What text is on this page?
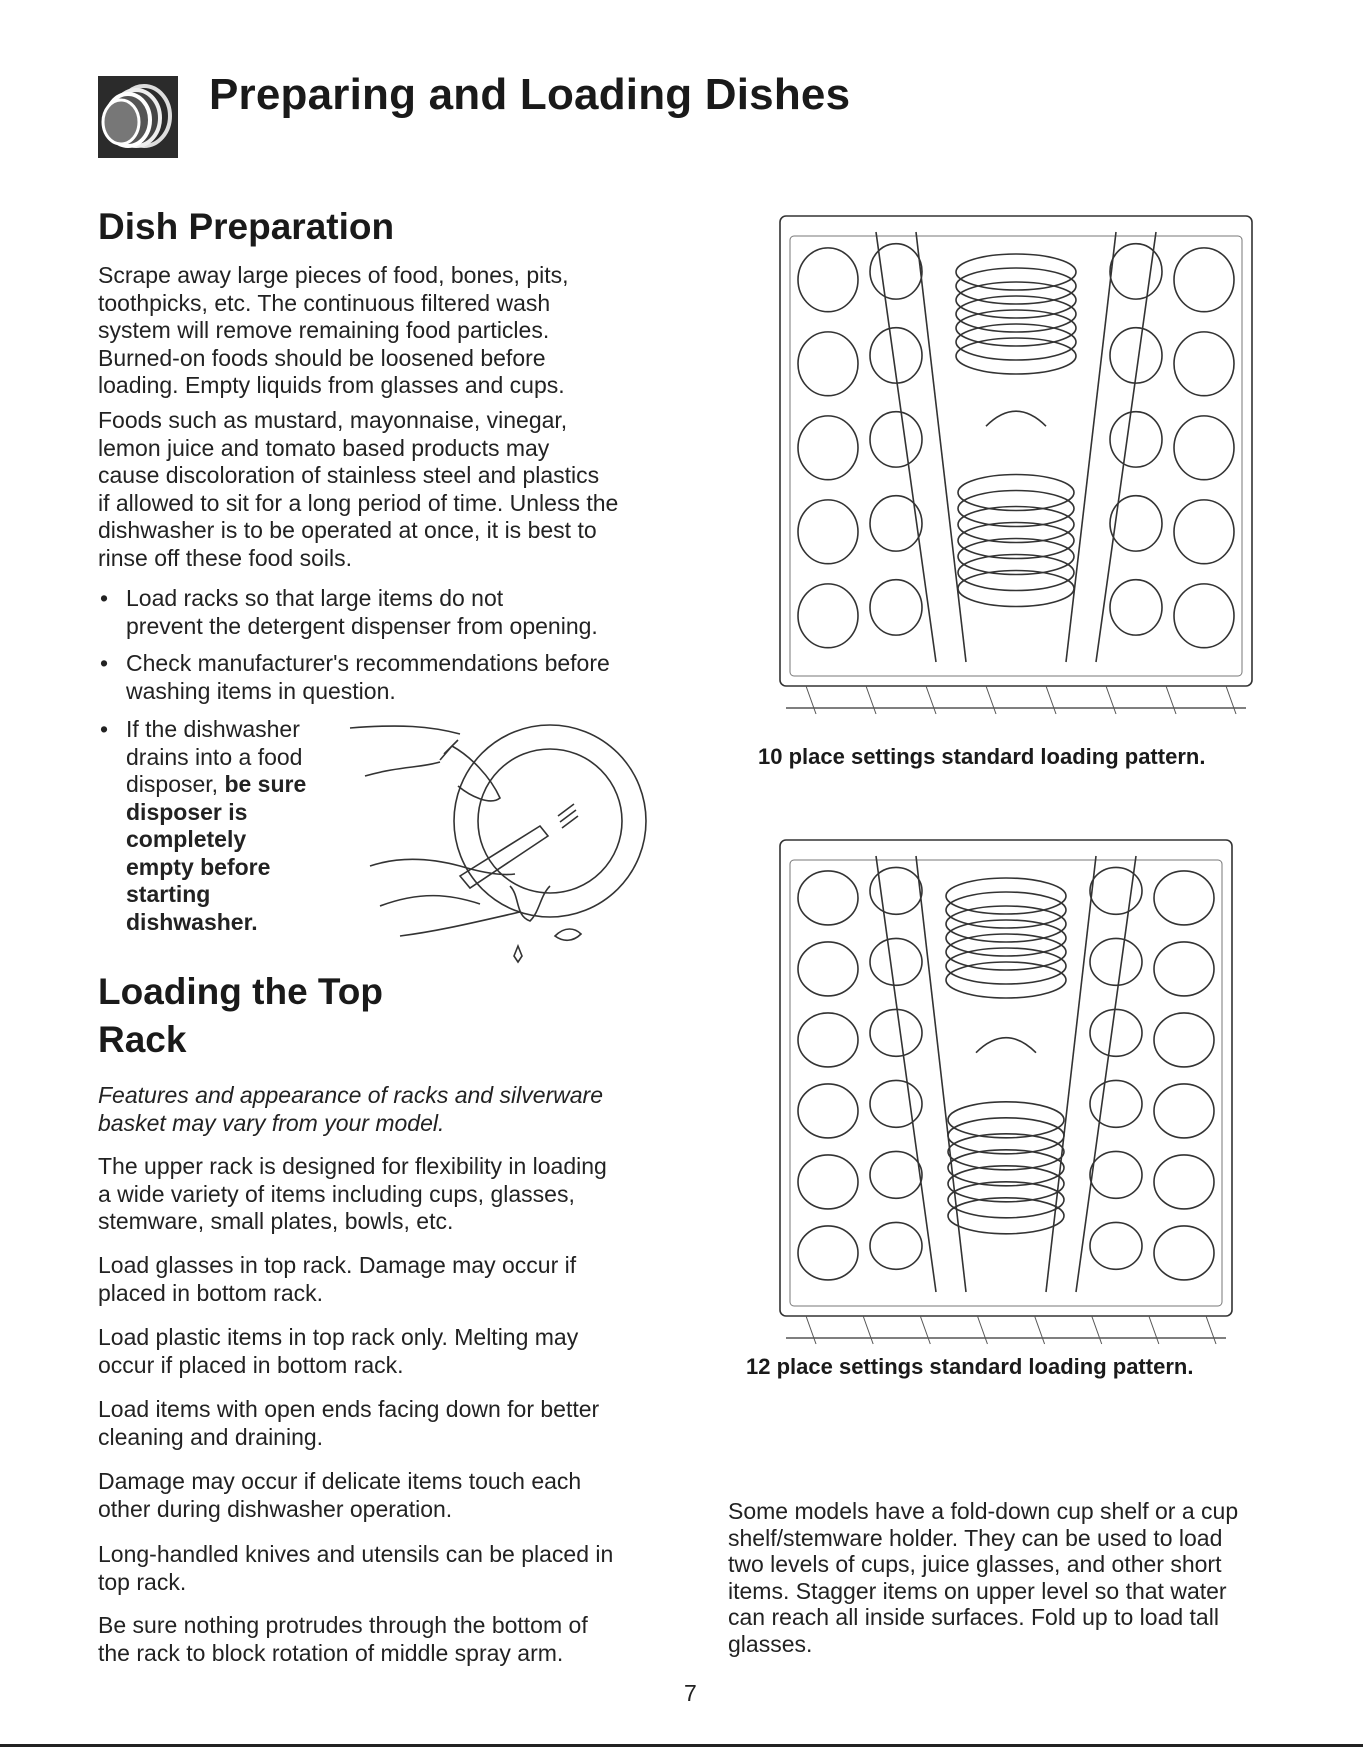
Preparing and Loading Dishes
Dish Preparation
Scrape away large pieces of food, bones, pits,
toothpicks, etc. The continuous filtered wash
system will remove remaining food particles.
Burned-on foods should be loosened before
loading. Empty liquids from glasses and cups.
Foods such as mustard, mayonnaise, vinegar,
lemon juice and tomato based products may
cause discoloration of stainless steel and plastics
if allowed to sit for a long period of time. Unless the
dishwasher is to be operated at once, it is best to
rinse off these food soils.
• Load racks so that large items do not
prevent the detergent dispenser from opening.
• Check manufacturer's recommendations before
washing items in question.
• If the dishwasher
drains into a food
disposer, be sure
disposer is
completely
empty before
starting
dishwasher.
Loading the Top
Rack
Features and appearance of racks and silverware
basket may vary from your model.
The upper rack is designed for flexibility in loading
a wide variety of items including cups, glasses,
stemware, small plates, bowls, etc.
Load glasses in top rack. Damage may occur if
placed in bottom rack.
Load plastic items in top rack only. Melting may
occur if placed in bottom rack.
Load items with open ends facing down for better
cleaning and draining.
Damage may occur if delicate items touch each
other during dishwasher operation.
Long-handled knives and utensils can be placed in
top rack.
Be sure nothing protrudes through the bottom of
the rack to block rotation of middle spray arm.
10 place settings standard loading pattern.
12 place settings standard loading pattern.
Some models have a fold-down cup shelf or a cup
shelf/stemware holder. They can be used to load
two levels of cups, juice glasses, and other short
items. Stagger items on upper level so that water
can reach all inside surfaces. Fold up to load tall
glasses.
7
